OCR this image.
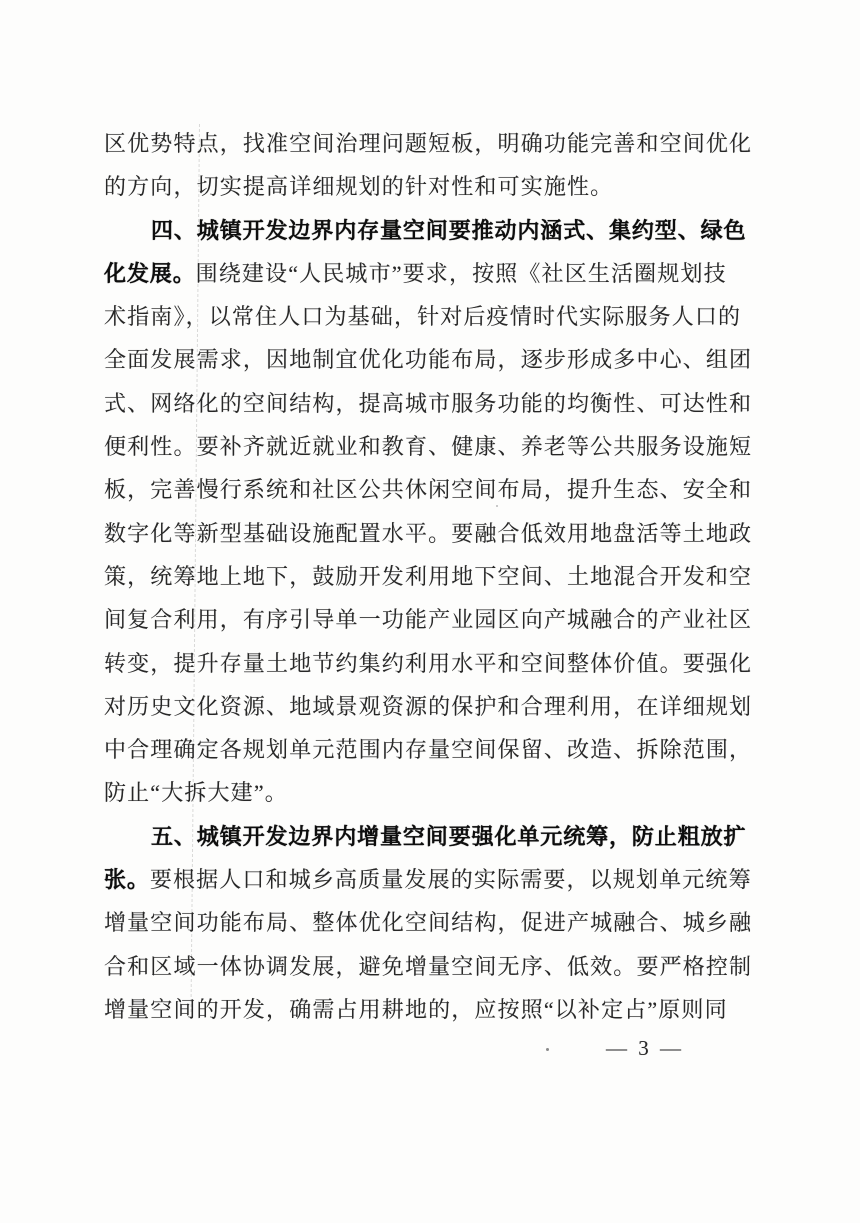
区优势特点，找准空间治理问题短板，明确功能完善和空间优化
的方向，切实提高详细规划的针对性和可实施性。
四、城镇开发边界内存量空间要推动内涵式、集约型、绿色
化发展。围绕建设“人民城市”要求，按照《社区生活圈规划技
术指南》，以常住人口为基础，针对后疫情时代实际服务人口的
全面发展需求，因地制宜优化功能布局，逐步形成多中心、组团
式、网络化的空间结构，提高城市服务功能的均衡性、可达性和
便利性。要补齐就近就业和教育、健康、养老等公共服务设施短
板，完善慢行系统和社区公共休闲空间布局，提升生态、安全和
数字化等新型基础设施配置水平。要融合低效用地盘活等土地政
策，统筹地上地下，鼓励开发利用地下空间、土地混合开发和空
间复合利用，有序引导单一功能产业园区向产城融合的产业社区
转变，提升存量土地节约集约利用水平和空间整体价值。要强化
对历史文化资源、地域景观资源的保护和合理利用，在详细规划
中合理确定各规划单元范围内存量空间保留、改造、拆除范围，
防止“大拆大建”。
五、城镇开发边界内增量空间要强化单元统筹，防止粗放扩
张。要根据人口和城乡高质量发展的实际需要，以规划单元统筹
增量空间功能布局、整体优化空间结构，促进产城融合、城乡融
合和区域一体协调发展，避免增量空间无序、低效。要严格控制
增量空间的开发，确需占用耕地的，应按照“以补定占”原则同
— 3 —
